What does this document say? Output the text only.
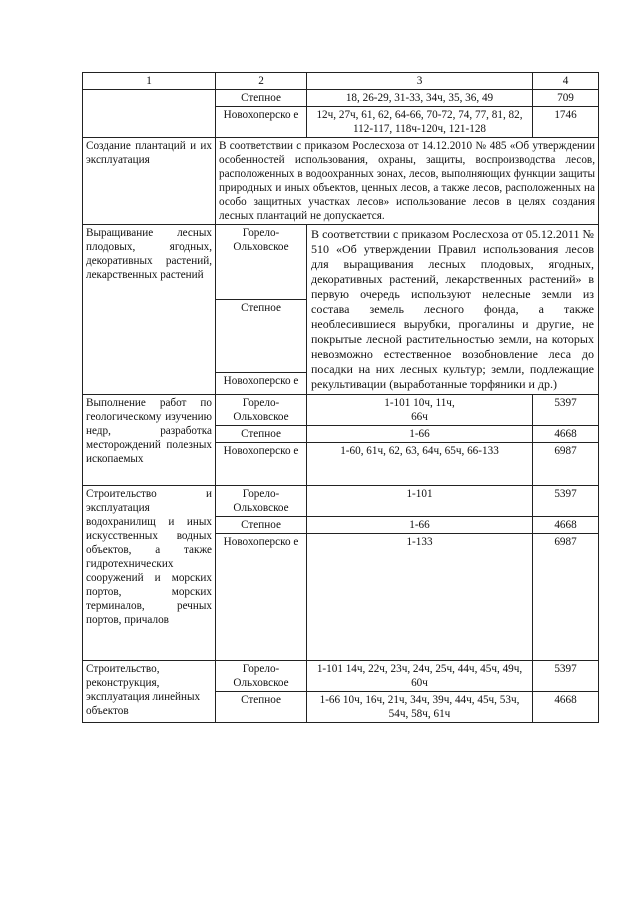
1	2	3	4
	Степное	18, 26-29, 31-33, 34ч, 35, 36, 49	709
	Новохоперско е	12ч, 27ч, 61, 62, 64-66, 70-72, 74, 77, 81, 82, 112-117, 118ч-120ч, 121-128	1746
Создание плантаций и их эксплуатация	В соответствии с приказом Рослесхоза от 14.12.2010 № 485 «Об утверждении особенностей использования, охраны, защиты, воспроизводства лесов, расположенных в водоохранных зонах, лесов, выполняющих функции защиты природных и иных объектов, ценных лесов, а также лесов, расположенных на особо защитных участках лесов» использование лесов в целях создания лесных плантаций не допускается.		
Выращивание лесных плодовых, ягодных, декоративных растений, лекарственных растений	Горело-Ольховское	В соответствии с приказом Рослесхоза от 05.12.2011 № 510 «Об утверждении Правил использования лесов для выращивания лесных плодовых, ягодных, декоративных растений, лекарственных растений» в первую очередь используют нелесные земли из состава земель лесного фонда, а также необлесившиеся вырубки, прогалины и другие, не покрытые лесной растительностью земли, на которых невозможно естественное возобновление леса до посадки на них лесных культур; земли, подлежащие рекультивации (выработанные торфяники и др.)	
	Степное		
	Новохоперско е		
Выполнение работ по геологическому изучению недр, разработка месторождений полезных ископаемых	Горело-Ольховское	1-101 10ч, 11ч, 66ч	5397
	Степное	1-66	4668
	Новохоперско е	1-60, 61ч, 62, 63, 64ч, 65ч, 66-133	6987
Строительство и эксплуатация водохранилищ и иных искусственных водных объектов, а также гидротехнических сооружений и морских портов, морских терминалов, речных портов, причалов	Горело-Ольховское	1-101	5397
	Степное	1-66	4668
	Новохоперско е	1-133	6987
Строительство, реконструкция, эксплуатация линейных объектов	Горело-Ольховское	1-101 14ч, 22ч, 23ч, 24ч, 25ч, 44ч, 45ч, 49ч, 60ч	5397
	Степное	1-66 10ч, 16ч, 21ч, 34ч, 39ч, 44ч, 45ч, 53ч, 54ч, 58ч, 61ч	4668
